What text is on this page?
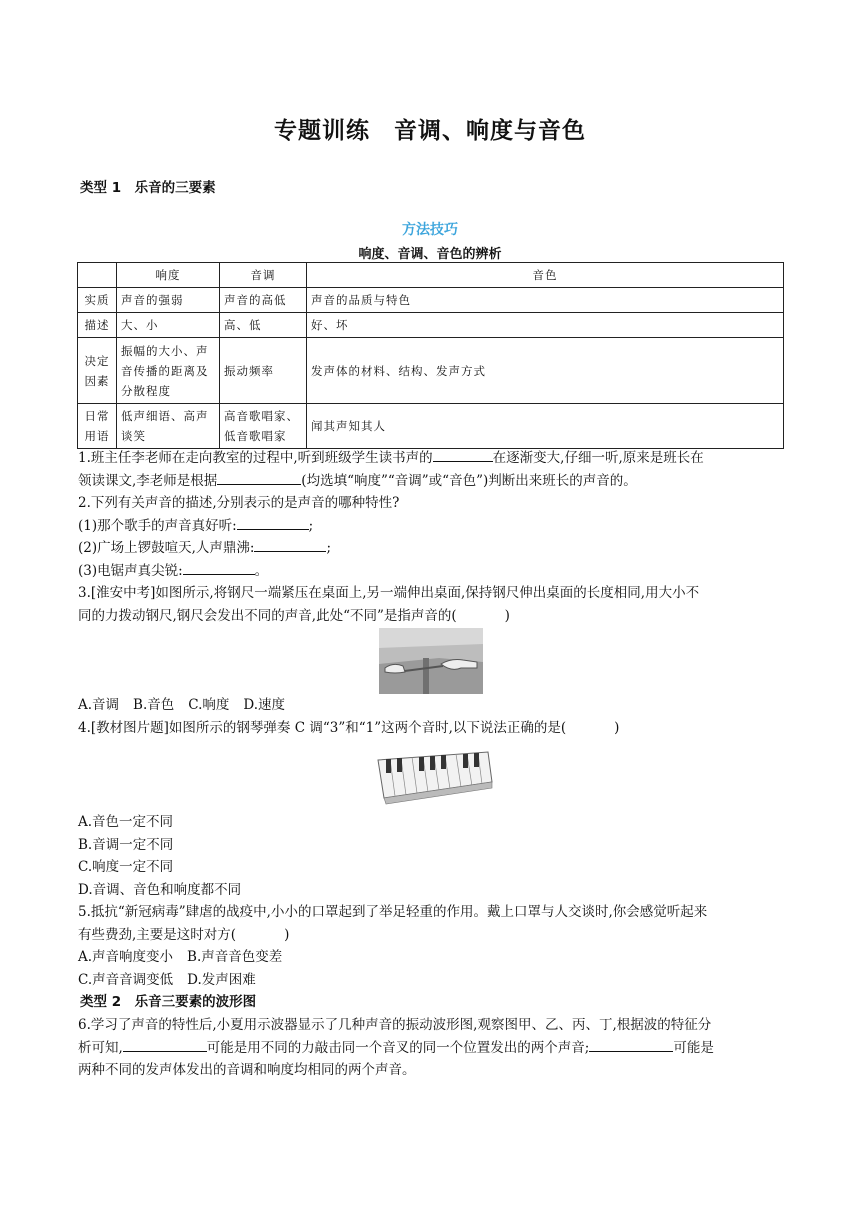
专题训练　音调、响度与音色
类型 1　 乐音的三要素
方法技巧
响度、音调、音色的辨析
	响度	音调	音色
实质	声音的强弱	声音的高低	声音的品质与特色
描述	大、小	高、低	好、坏
决定因素	振幅的大小、声音传播的距离及分散程度	振动频率	发声体的材料、结构、发声方式
日常用语	低声细语、高声谈笑	高音歌唱家、低音歌唱家	闻其声知其人
1.班主任李老师在走向教室的过程中,听到班级学生读书声的	在逐渐变大,仔细一听,原来是班长在
领读课文,李老师是根据	(均选填“响度”“音调”或“音色”)判断出来班长的声音的。
2.下列有关声音的描述,分别表示的是声音的哪种特性?
(1)那个歌手的声音真好听:	;
(2)广场上锣鼓喧天,人声鼎沸:	;
(3)电锯声真尖锐:	。
3.[淮安中考]如图所示,将钢尺一端紧压在桌面上,另一端伸出桌面,保持钢尺伸出桌面的长度相同,用大小不
同的力拨动钢尺,钢尺会发出不同的声音,此处“不同”是指声音的(	)
A.音调 B.音色 C.响度 D.速度
4.[教材图片题]如图所示的钢琴弹奏 C 调“3”和“1”这两个音时,以下说法正确的是(	)
A.音色一定不同
B.音调一定不同
C.响度一定不同
D.音调、音色和响度都不同
5.抵抗“新冠病毒”肆虐的战疫中,小小的口罩起到了举足轻重的作用。戴上口罩与人交谈时,你会感觉听起来
有些费劲,主要是这时对方(	)
A.声音响度变小 B.声音音色变差
C.声音音调变低 D.发声困难
类型 2　 乐音三要素的波形图
6.学习了声音的特性后,小夏用示波器显示了几种声音的振动波形图,观察图甲、乙、丙、丁,根据波的特征分
析可知,	可能是用不同的力敲击同一个音叉的同一个位置发出的两个声音;	可能是
两种不同的发声体发出的音调和响度均相同的两个声音。
